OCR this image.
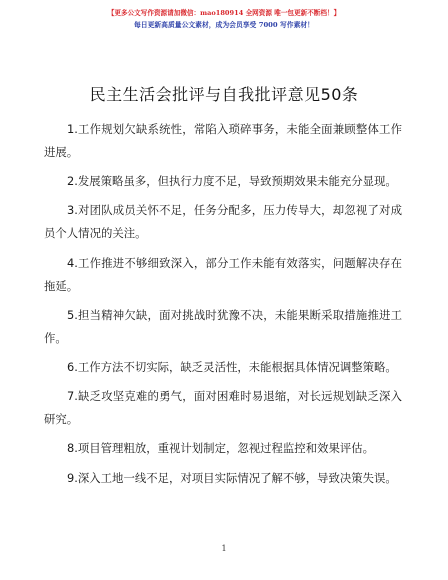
【更多公文写作资源请加微信：mao180914 全网资源 唯一包更新不断档！】
每日更新高质量公文素材，成为会员享受 7000 写作素材！
民主生活会批评与自我批评意见50条

1.工作规划欠缺系统性，常陷入琐碎事务，未能全面兼顾整体工作进展。

2.发展策略虽多，但执行力度不足，导致预期效果未能充分显现。

3.对团队成员关怀不足，任务分配多，压力传导大，却忽视了对成员个人情况的关注。

4.工作推进不够细致深入，部分工作未能有效落实，问题解决存在拖延。

5.担当精神欠缺，面对挑战时犹豫不决，未能果断采取措施推进工作。

6.工作方法不切实际，缺乏灵活性，未能根据具体情况调整策略。

7.缺乏攻坚克难的勇气，面对困难时易退缩，对长远规划缺乏深入研究。

8.项目管理粗放，重视计划制定，忽视过程监控和效果评估。

9.深入工地一线不足，对项目实际情况了解不够，导致决策失误。

1
